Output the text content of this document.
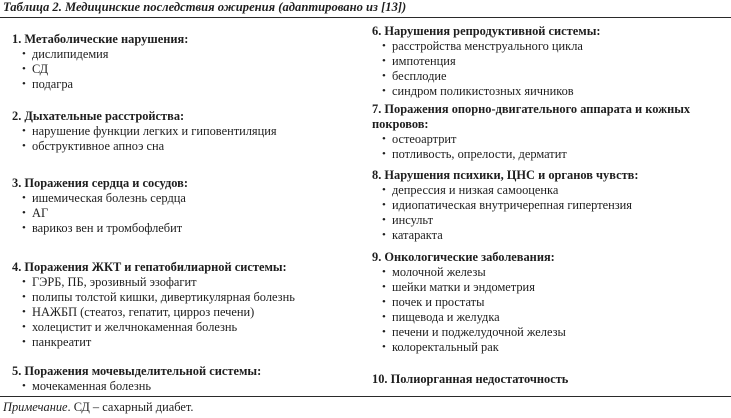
Таблица 2. Медицинские последствия ожирения (адаптировано из [13])
1. Метаболические нарушения:
• дислипидемия
• СД
• подагра
2. Дыхательные расстройства:
• нарушение функции легких и гиповентиляция
• обструктивное апноэ сна
3. Поражения сердца и сосудов:
• ишемическая болезнь сердца
• АГ
• варикоз вен и тромбофлебит
4. Поражения ЖКТ и гепатобилиарной системы:
• ГЭРБ, ПБ, эрозивный эзофагит
• полипы толстой кишки, дивертикулярная болезнь
• НАЖБП (стеатоз, гепатит, цирроз печени)
• холецистит и желчнокаменная болезнь
• панкреатит
5. Поражения мочевыделительной системы:
• мочекаменная болезнь
6. Нарушения репродуктивной системы:
• расстройства менструального цикла
• импотенция
• бесплодие
• синдром поликистозных яичников
7. Поражения опорно-двигательного аппарата и кожных покровов:
• остеоартрит
• потливость, опрелости, дерматит
8. Нарушения психики, ЦНС и органов чувств:
• депрессия и низкая самооценка
• идиопатическая внутричерепная гипертензия
• инсульт
• катаракта
9. Онкологические заболевания:
• молочной железы
• шейки матки и эндометрия
• почек и простаты
• пищевода и желудка
• печени и поджелудочной железы
• колоректальный рак
10. Полиорганная недостаточность
Примечание. СД – сахарный диабет.
